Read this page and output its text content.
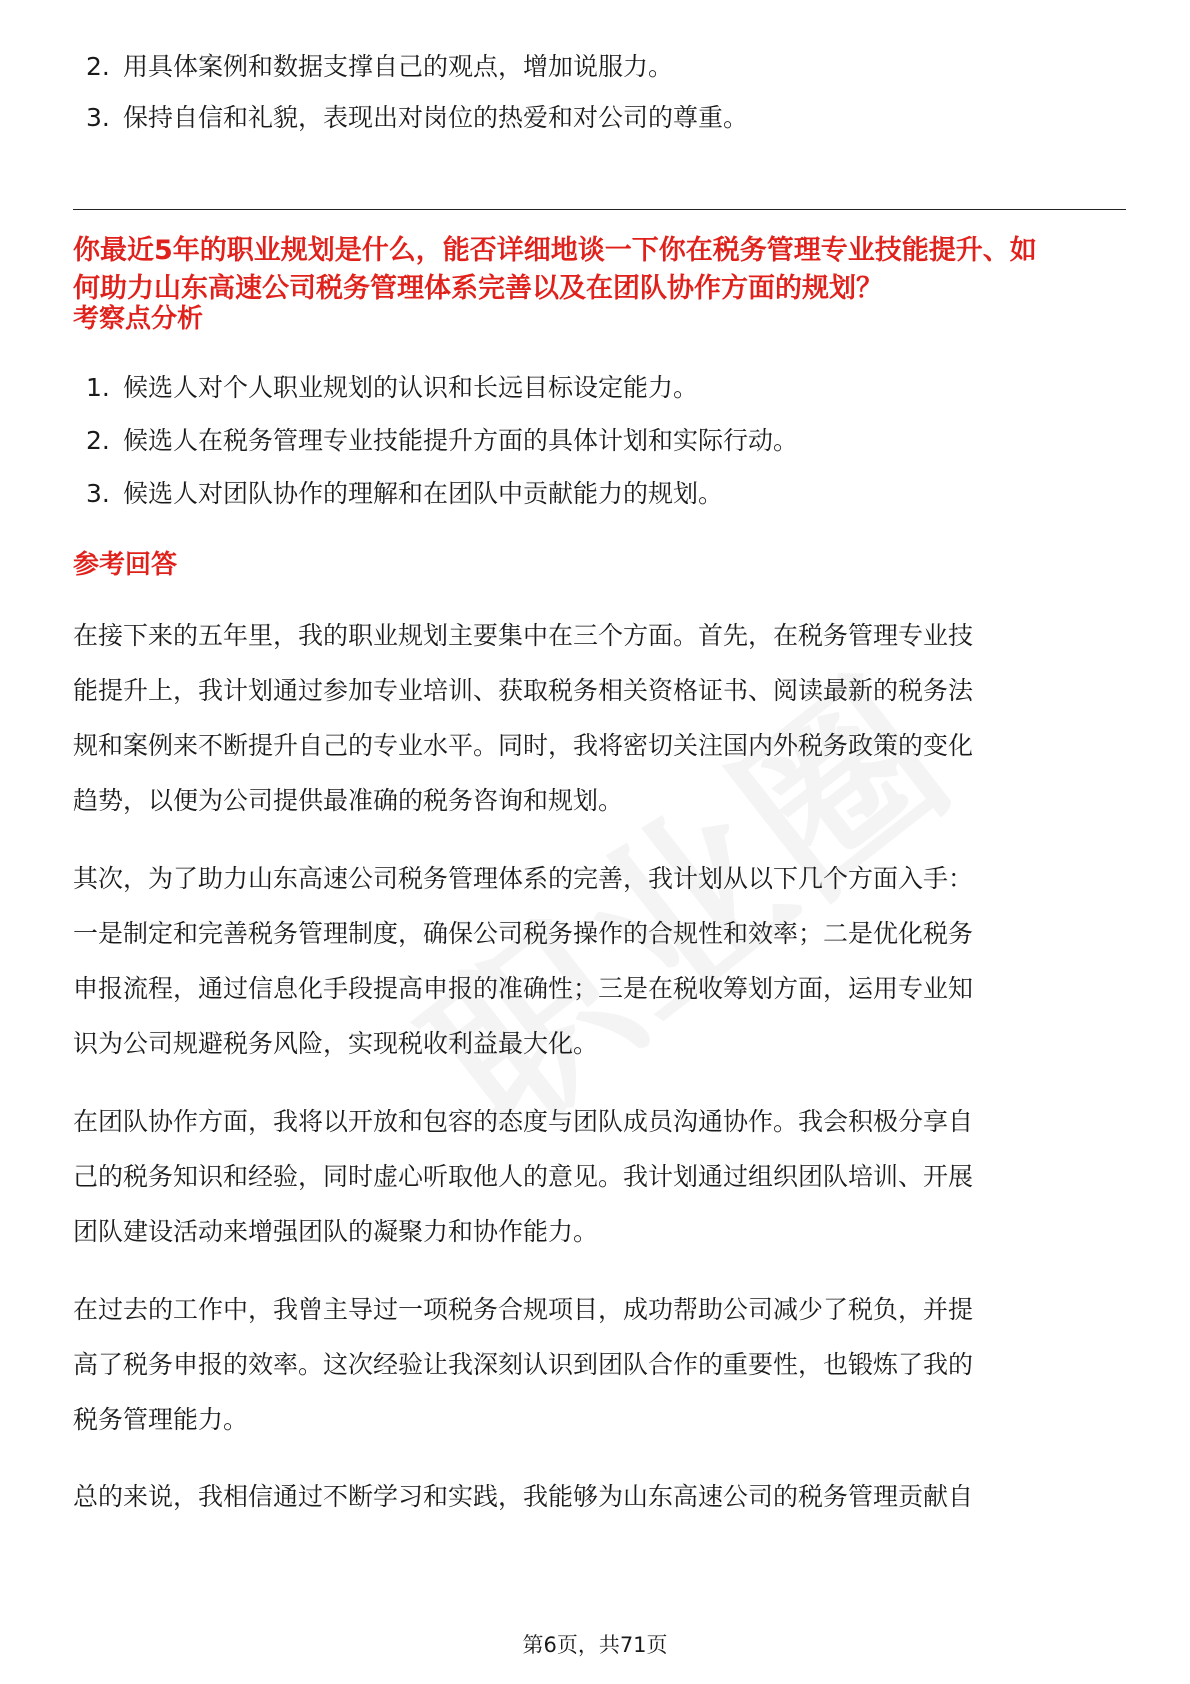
2. 用具体案例和数据支撑自己的观点，增加说服力。
3. 保持自信和礼貌，表现出对岗位的热爱和对公司的尊重。
你最近5年的职业规划是什么，能否详细地谈一下你在税务管理专业技能提升、如
何助力山东高速公司税务管理体系完善以及在团队协作方面的规划？
考察点分析
1. 候选人对个人职业规划的认识和长远目标设定能力。
2. 候选人在税务管理专业技能提升方面的具体计划和实际行动。
3. 候选人对团队协作的理解和在团队中贡献能力的规划。
参考回答

在接下来的五年里，我的职业规划主要集中在三个方面。首先，在税务管理专业技
能提升上，我计划通过参加专业培训、获取税务相关资格证书、阅读最新的税务法
规和案例来不断提升自己的专业水平。同时，我将密切关注国内外税务政策的变化
趋势，以便为公司提供最准确的税务咨询和规划。

其次，为了助力山东高速公司税务管理体系的完善，我计划从以下几个方面入手：
一是制定和完善税务管理制度，确保公司税务操作的合规性和效率；二是优化税务
申报流程，通过信息化手段提高申报的准确性；三是在税收筹划方面，运用专业知
识为公司规避税务风险，实现税收利益最大化。

在团队协作方面，我将以开放和包容的态度与团队成员沟通协作。我会积极分享自
己的税务知识和经验，同时虚心听取他人的意见。我计划通过组织团队培训、开展
团队建设活动来增强团队的凝聚力和协作能力。

在过去的工作中，我曾主导过一项税务合规项目，成功帮助公司减少了税负，并提
高了税务申报的效率。这次经验让我深刻认识到团队合作的重要性，也锻炼了我的
税务管理能力。

总的来说，我相信通过不断学习和实践，我能够为山东高速公司的税务管理贡献自

第6页，共71页
